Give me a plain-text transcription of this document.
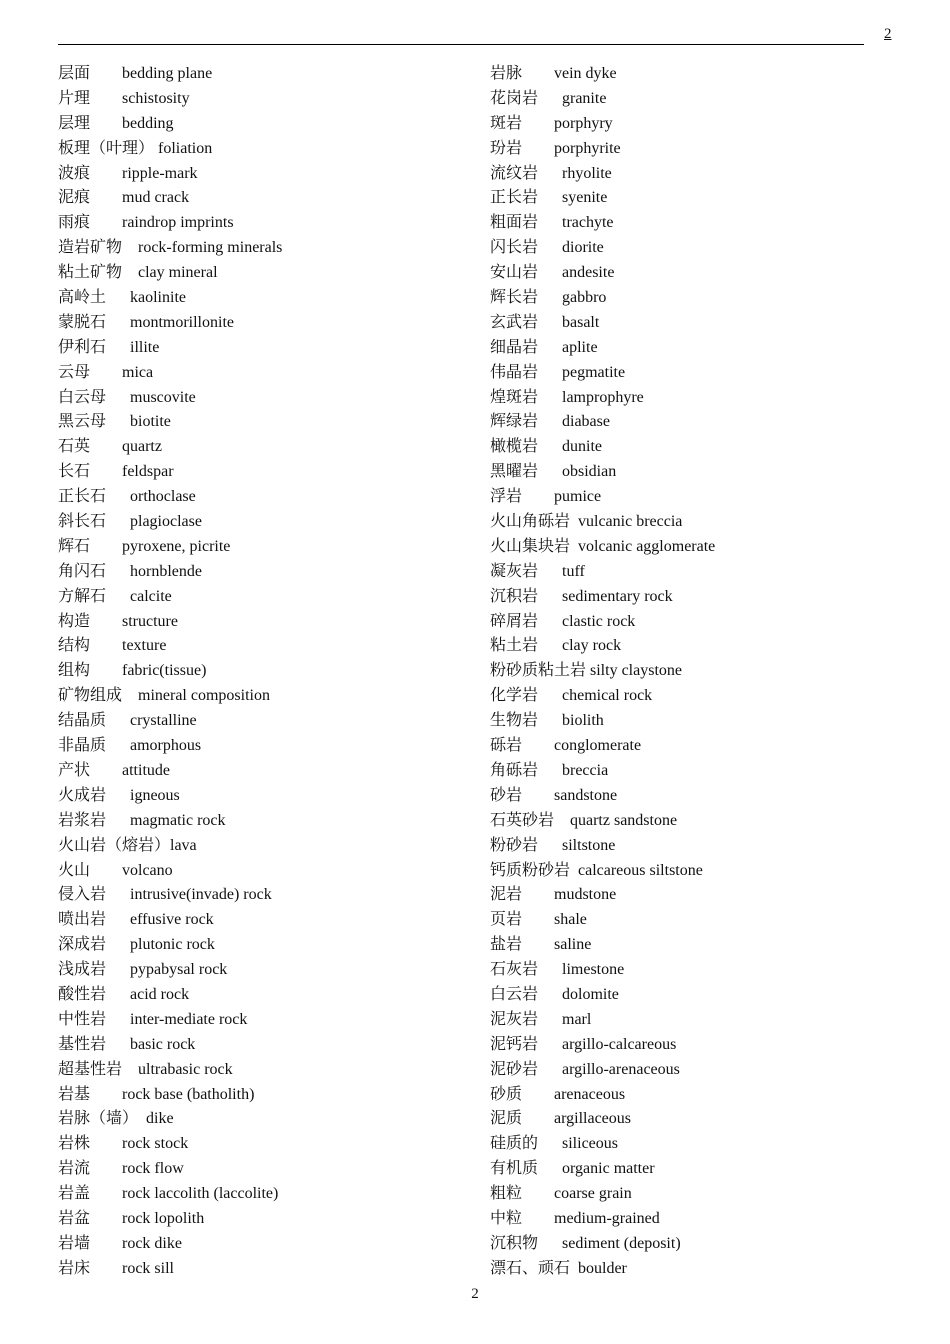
2
层面        bedding plane
片理        schistosity
层理        bedding
板理（叶理） foliation
波痕        ripple-mark
泥痕        mud crack
雨痕        raindrop imprints
造岩矿物    rock-forming minerals
粘土矿物    clay mineral
高岭土      kaolinite
蒙脱石      montmorillonite
伊利石      illite
云母        mica
白云母      muscovite
黑云母      biotite
石英        quartz
长石        feldspar
正长石      orthoclase
斜长石      plagioclase
辉石        pyroxene, picrite
角闪石      hornblende
方解石      calcite
构造        structure
结构        texture
组构        fabric(tissue)
矿物组成    mineral composition
结晶质      crystalline
非晶质      amorphous
产状        attitude
火成岩      igneous
岩浆岩      magmatic rock
火山岩（熔岩）lava
火山        volcano
侵入岩      intrusive(invade) rock
喷出岩      effusive rock
深成岩      plutonic rock
浅成岩      pypabysal rock
酸性岩      acid rock
中性岩      inter-mediate rock
基性岩      basic rock
超基性岩    ultrabasic rock
岩基        rock base (batholith)
岩脉（墙）  dike
岩株        rock stock
岩流        rock flow
岩盖        rock laccolith (laccolite)
岩盆        rock lopolith
岩墙        rock dike
岩床        rock sill
岩脉        vein dyke
花岗岩      granite
斑岩        porphyry
玢岩        porphyrite
流纹岩      rhyolite
正长岩      syenite
粗面岩      trachyte
闪长岩      diorite
安山岩      andesite
辉长岩      gabbro
玄武岩      basalt
细晶岩      aplite
伟晶岩      pegmatite
煌斑岩      lamprophyre
辉绿岩      diabase
橄榄岩      dunite
黑曜岩      obsidian
浮岩        pumice
火山角砾岩  vulcanic breccia
火山集块岩  volcanic agglomerate
凝灰岩      tuff
沉积岩      sedimentary rock
碎屑岩      clastic rock
粘土岩      clay rock
粉砂质粘土岩 silty claystone
化学岩      chemical rock
生物岩      biolith
砾岩        conglomerate
角砾岩      breccia
砂岩        sandstone
石英砂岩    quartz sandstone
粉砂岩      siltstone
钙质粉砂岩  calcareous siltstone
泥岩        mudstone
页岩        shale
盐岩        saline
石灰岩      limestone
白云岩      dolomite
泥灰岩      marl
泥钙岩      argillo-calcareous
泥砂岩      argillo-arenaceous
砂质        arenaceous
泥质        argillaceous
硅质的      siliceous
有机质      organic matter
粗粒        coarse grain
中粒        medium-grained
沉积物      sediment (deposit)
漂石、顽石  boulder
2
